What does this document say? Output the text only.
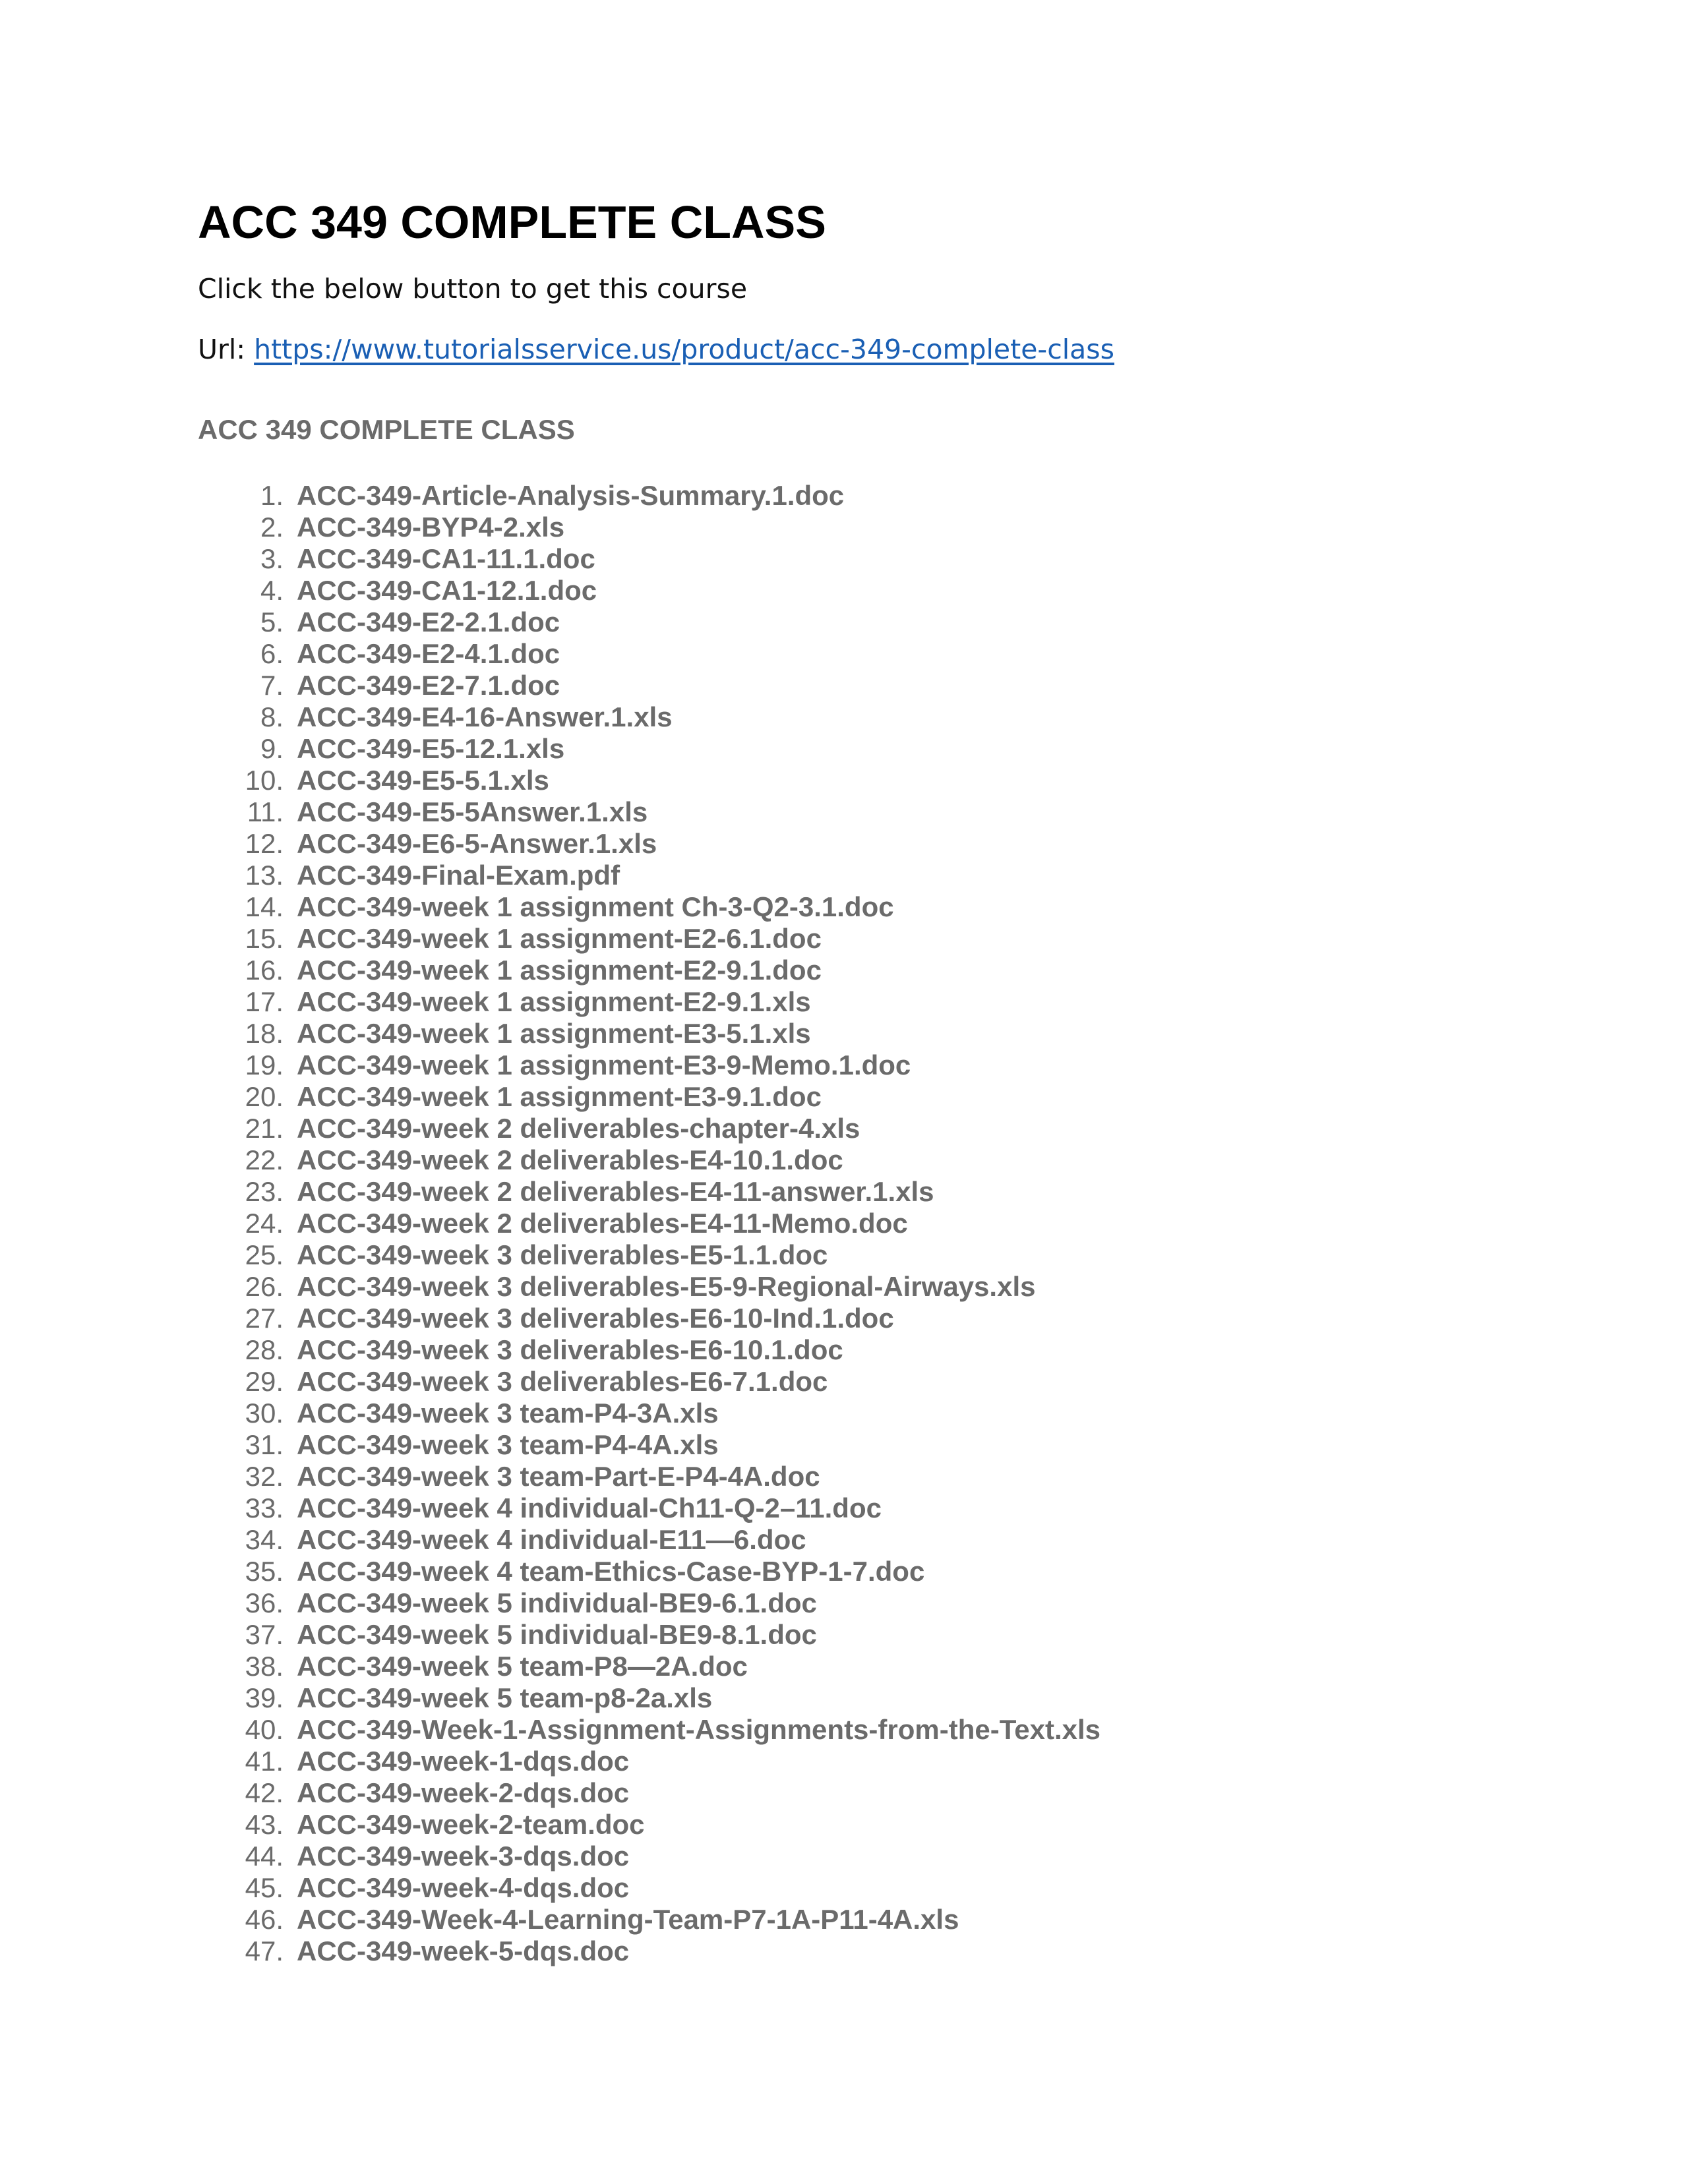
ACC 349 COMPLETE CLASS

Click the below button to get this course

Url: https://www.tutorialsservice.us/product/acc-349-complete-class

ACC 349 COMPLETE CLASS
1. ACC-349-Article-Analysis-Summary.1.doc
2. ACC-349-BYP4-2.xls
3. ACC-349-CA1-11.1.doc
4. ACC-349-CA1-12.1.doc
5. ACC-349-E2-2.1.doc
6. ACC-349-E2-4.1.doc
7. ACC-349-E2-7.1.doc
8. ACC-349-E4-16-Answer.1.xls
9. ACC-349-E5-12.1.xls
10. ACC-349-E5-5.1.xls
11. ACC-349-E5-5Answer.1.xls
12. ACC-349-E6-5-Answer.1.xls
13. ACC-349-Final-Exam.pdf
14. ACC-349-week 1 assignment Ch-3-Q2-3.1.doc
15. ACC-349-week 1 assignment-E2-6.1.doc
16. ACC-349-week 1 assignment-E2-9.1.doc
17. ACC-349-week 1 assignment-E2-9.1.xls
18. ACC-349-week 1 assignment-E3-5.1.xls
19. ACC-349-week 1 assignment-E3-9-Memo.1.doc
20. ACC-349-week 1 assignment-E3-9.1.doc
21. ACC-349-week 2 deliverables-chapter-4.xls
22. ACC-349-week 2 deliverables-E4-10.1.doc
23. ACC-349-week 2 deliverables-E4-11-answer.1.xls
24. ACC-349-week 2 deliverables-E4-11-Memo.doc
25. ACC-349-week 3 deliverables-E5-1.1.doc
26. ACC-349-week 3 deliverables-E5-9-Regional-Airways.xls
27. ACC-349-week 3 deliverables-E6-10-Ind.1.doc
28. ACC-349-week 3 deliverables-E6-10.1.doc
29. ACC-349-week 3 deliverables-E6-7.1.doc
30. ACC-349-week 3 team-P4-3A.xls
31. ACC-349-week 3 team-P4-4A.xls
32. ACC-349-week 3 team-Part-E-P4-4A.doc
33. ACC-349-week 4 individual-Ch11-Q-2–11.doc
34. ACC-349-week 4 individual-E11—6.doc
35. ACC-349-week 4 team-Ethics-Case-BYP-1-7.doc
36. ACC-349-week 5 individual-BE9-6.1.doc
37. ACC-349-week 5 individual-BE9-8.1.doc
38. ACC-349-week 5 team-P8—2A.doc
39. ACC-349-week 5 team-p8-2a.xls
40. ACC-349-Week-1-Assignment-Assignments-from-the-Text.xls
41. ACC-349-week-1-dqs.doc
42. ACC-349-week-2-dqs.doc
43. ACC-349-week-2-team.doc
44. ACC-349-week-3-dqs.doc
45. ACC-349-week-4-dqs.doc
46. ACC-349-Week-4-Learning-Team-P7-1A-P11-4A.xls
47. ACC-349-week-5-dqs.doc
